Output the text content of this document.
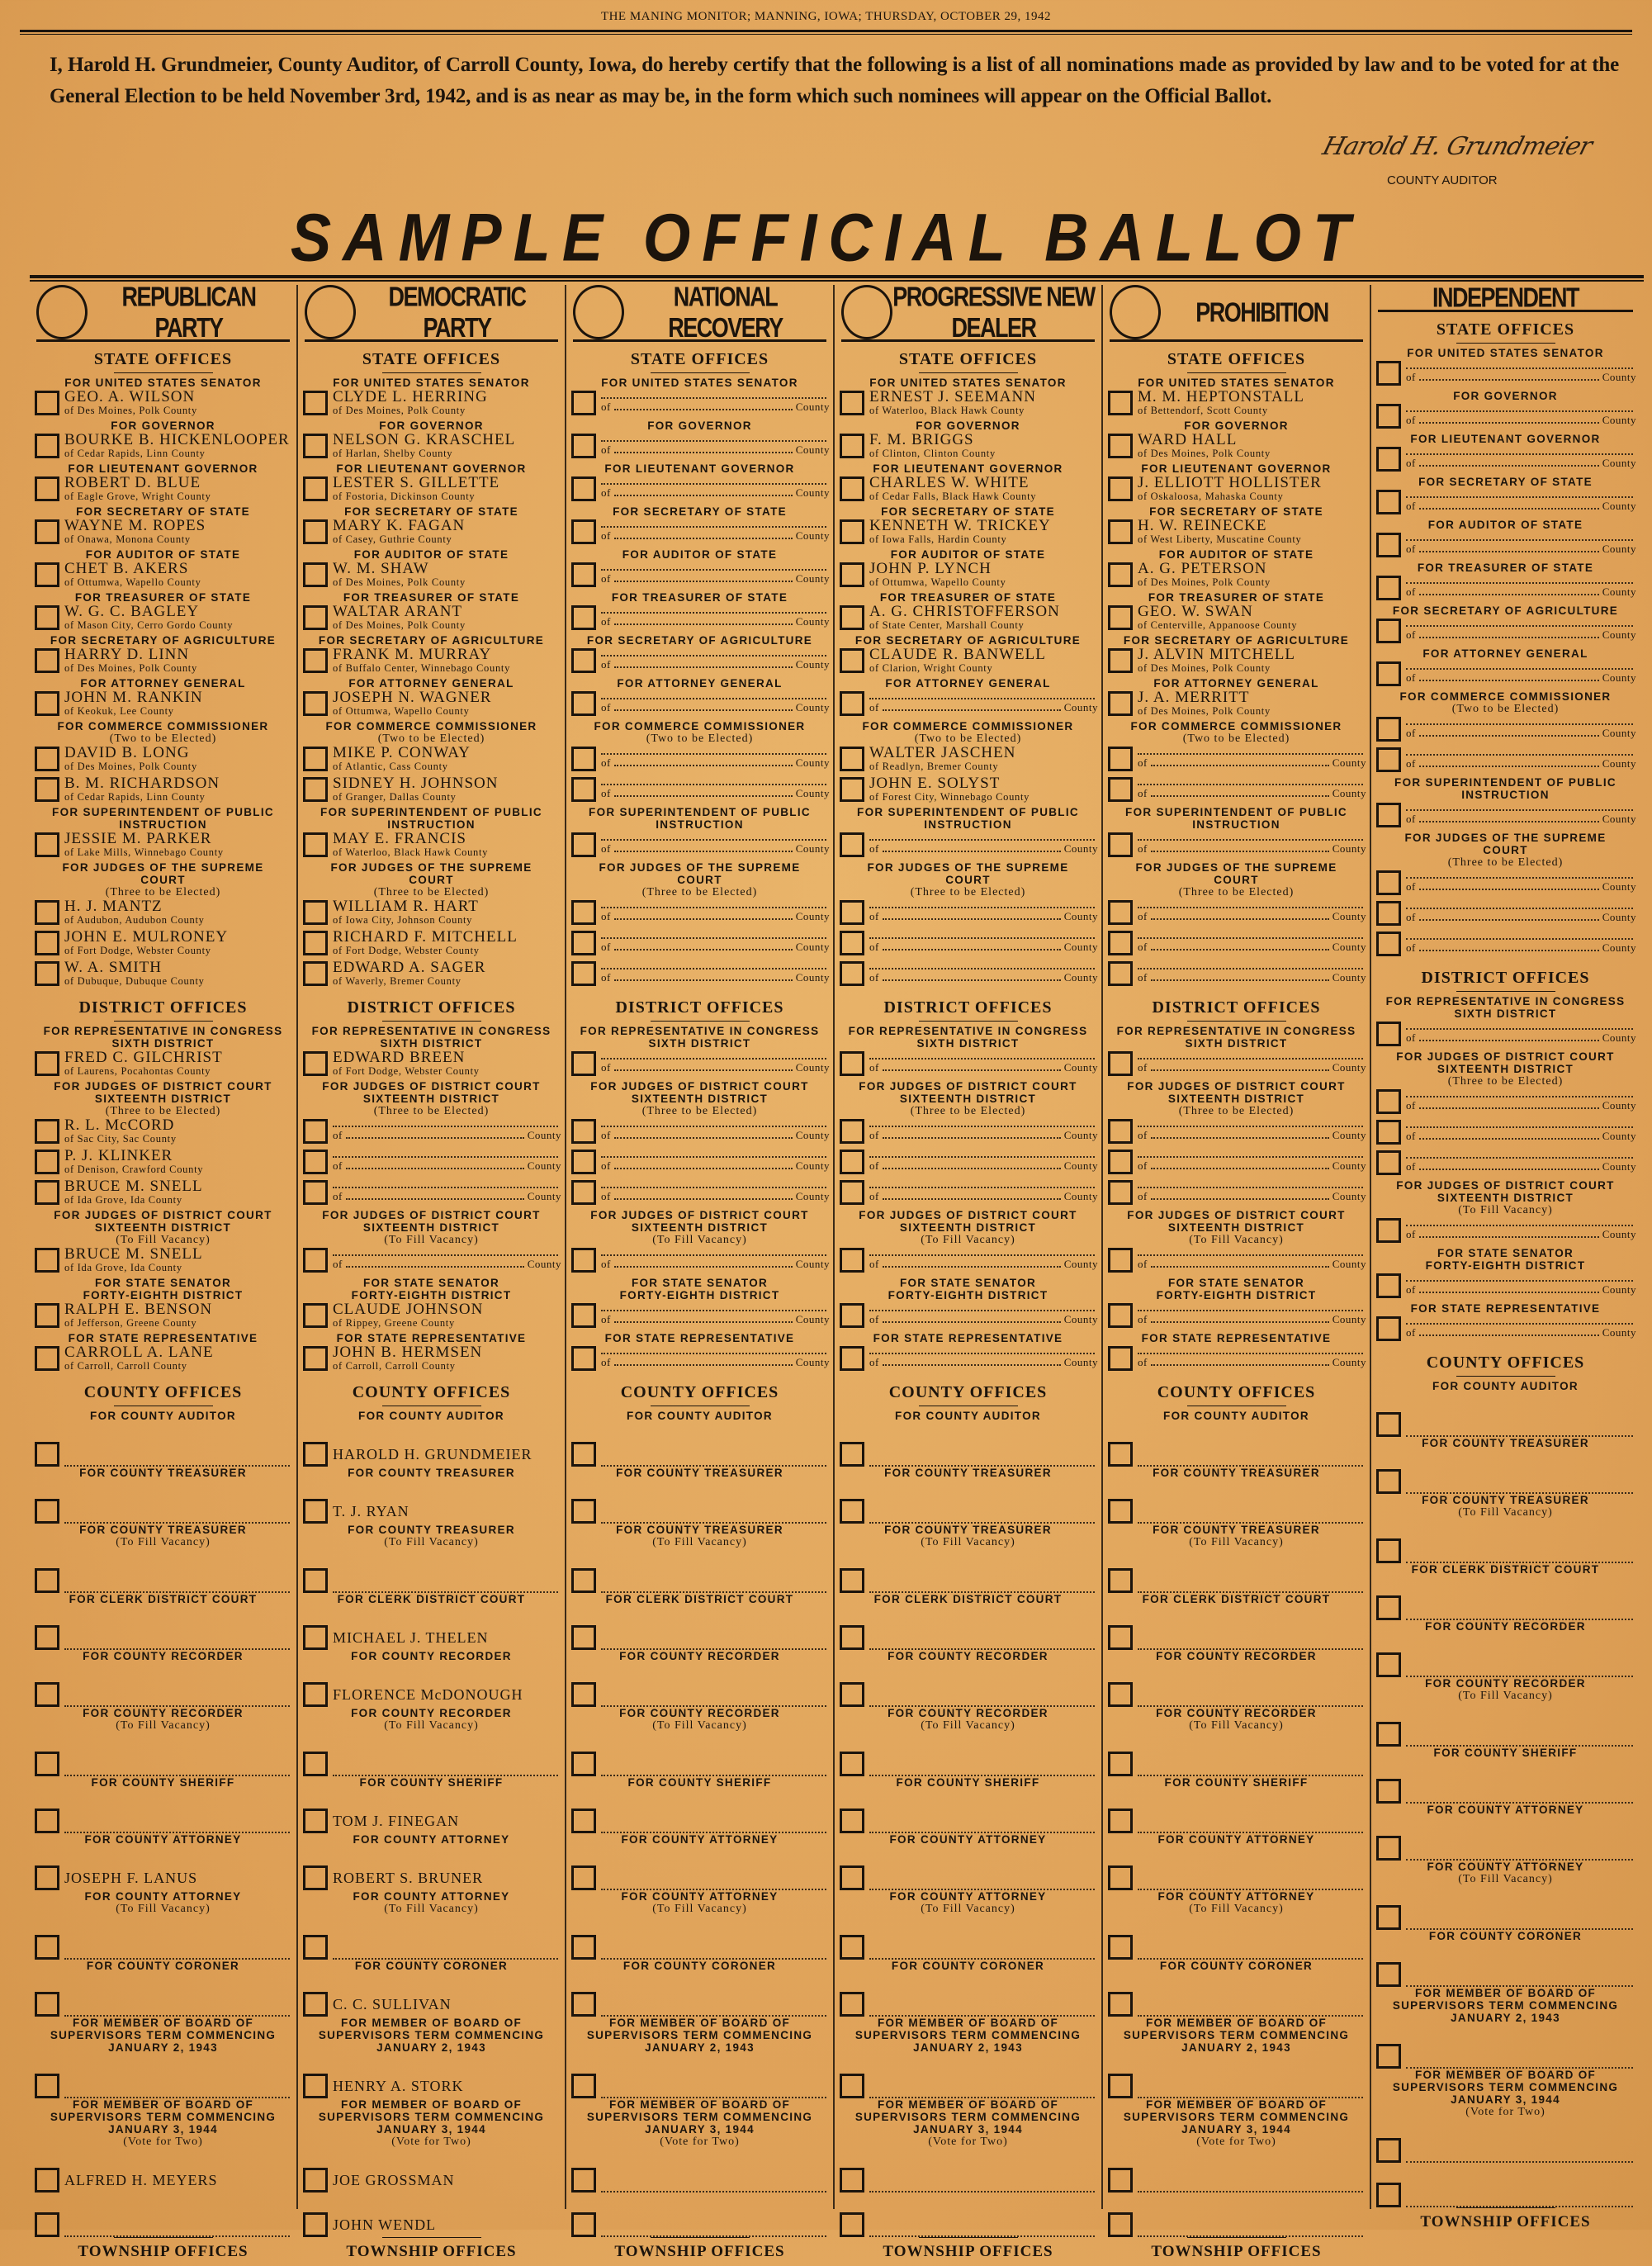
THE MANING MONITOR; MANNING, IOWA; THURSDAY, OCTOBER 29, 1942
I, Harold H. Grundmeier, County Auditor, of Carroll County, Iowa, do hereby certify that the following is a list of all nominations made as provided by law and to be voted for at the General Election to be held November 3rd, 1942, and is as near as may be, in the form which such nominees will appear on the Official Ballot.
Harold H. Grundmeier
COUNTY AUDITOR
SAMPLE OFFICIAL BALLOT
REPUBLICAN PARTY
STATE OFFICES
FOR UNITED STATES SENATOR
GEO. A. WILSON
of Des Moines, Polk County
FOR GOVERNOR
BOURKE B. HICKENLOOPER
of Cedar Rapids, Linn County
FOR LIEUTENANT GOVERNOR
ROBERT D. BLUE
of Eagle Grove, Wright County
FOR SECRETARY OF STATE
WAYNE M. ROPES
of Onawa, Monona County
FOR AUDITOR OF STATE
CHET B. AKERS
of Ottumwa, Wapello County
FOR TREASURER OF STATE
W. G. C. BAGLEY
of Mason City, Cerro Gordo County
FOR SECRETARY OF AGRICULTURE
HARRY D. LINN
of Des Moines, Polk County
FOR ATTORNEY GENERAL
JOHN M. RANKIN
of Keokuk, Lee County
FOR COMMERCE COMMISSIONER
(Two to be Elected)
DAVID B. LONG
of Des Moines, Polk County
B. M. RICHARDSON
of Cedar Rapids, Linn County
FOR SUPERINTENDENT OF PUBLIC
INSTRUCTION
JESSIE M. PARKER
of Lake Mills, Winnebago County
FOR JUDGES OF THE SUPREME
COURT
(Three to be Elected)
H. J. MANTZ
of Audubon, Audubon County
JOHN E. MULRONEY
of Fort Dodge, Webster County
W. A. SMITH
of Dubuque, Dubuque County
DISTRICT OFFICES
FOR REPRESENTATIVE IN CONGRESS
SIXTH DISTRICT
FRED C. GILCHRIST
of Laurens, Pocahontas County
FOR JUDGES OF DISTRICT COURT
SIXTEENTH DISTRICT
(Three to be Elected)
R. L. McCORD
of Sac City, Sac County
P. J. KLINKER
of Denison, Crawford County
BRUCE M. SNELL
of Ida Grove, Ida County
FOR JUDGES OF DISTRICT COURT
SIXTEENTH DISTRICT
(To Fill Vacancy)
BRUCE M. SNELL
of Ida Grove, Ida County
FOR STATE SENATOR
FORTY-EIGHTH DISTRICT
RALPH E. BENSON
of Jefferson, Greene County
FOR STATE REPRESENTATIVE
CARROLL A. LANE
of Carroll, Carroll County
COUNTY OFFICES
FOR COUNTY AUDITOR
FOR COUNTY TREASURER
FOR COUNTY TREASURER
(To Fill Vacancy)
FOR CLERK DISTRICT COURT
FOR COUNTY RECORDER
FOR COUNTY RECORDER
(To Fill Vacancy)
FOR COUNTY SHERIFF
FOR COUNTY ATTORNEY
JOSEPH F. LANUS
FOR COUNTY ATTORNEY
(To Fill Vacancy)
FOR COUNTY CORONER
FOR MEMBER OF BOARD OF
SUPERVISORS TERM COMMENCING
JANUARY 2, 1943
FOR MEMBER OF BOARD OF
SUPERVISORS TERM COMMENCING
JANUARY 3, 1944
(Vote for Two)
ALFRED H. MEYERS
TOWNSHIP OFFICES
DEMOCRATIC PARTY
STATE OFFICES
FOR UNITED STATES SENATOR
CLYDE L. HERRING
of Des Moines, Polk County
FOR GOVERNOR
NELSON G. KRASCHEL
of Harlan, Shelby County
FOR LIEUTENANT GOVERNOR
LESTER S. GILLETTE
of Fostoria, Dickinson County
FOR SECRETARY OF STATE
MARY K. FAGAN
of Casey, Guthrie County
FOR AUDITOR OF STATE
W. M. SHAW
of Des Moines, Polk County
FOR TREASURER OF STATE
WALTAR ARANT
of Des Moines, Polk County
FOR SECRETARY OF AGRICULTURE
FRANK M. MURRAY
of Buffalo Center, Winnebago County
FOR ATTORNEY GENERAL
JOSEPH N. WAGNER
of Ottumwa, Wapello County
FOR COMMERCE COMMISSIONER
(Two to be Elected)
MIKE P. CONWAY
of Atlantic, Cass County
SIDNEY H. JOHNSON
of Granger, Dallas County
FOR SUPERINTENDENT OF PUBLIC
INSTRUCTION
MAY E. FRANCIS
of Waterloo, Black Hawk County
FOR JUDGES OF THE SUPREME
COURT
(Three to be Elected)
WILLIAM R. HART
of Iowa City, Johnson County
RICHARD F. MITCHELL
of Fort Dodge, Webster County
EDWARD A. SAGER
of Waverly, Bremer County
DISTRICT OFFICES
FOR REPRESENTATIVE IN CONGRESS
SIXTH DISTRICT
EDWARD BREEN
of Fort Dodge, Webster County
FOR JUDGES OF DISTRICT COURT
SIXTEENTH DISTRICT
(Three to be Elected)
of	County
of	County
of	County
FOR JUDGES OF DISTRICT COURT
SIXTEENTH DISTRICT
(To Fill Vacancy)
of	County
FOR STATE SENATOR
FORTY-EIGHTH DISTRICT
CLAUDE JOHNSON
of Rippey, Greene County
FOR STATE REPRESENTATIVE
JOHN B. HERMSEN
of Carroll, Carroll County
COUNTY OFFICES
FOR COUNTY AUDITOR
HAROLD H. GRUNDMEIER
FOR COUNTY TREASURER
T. J. RYAN
FOR COUNTY TREASURER
(To Fill Vacancy)
FOR CLERK DISTRICT COURT
MICHAEL J. THELEN
FOR COUNTY RECORDER
FLORENCE McDONOUGH
FOR COUNTY RECORDER
(To Fill Vacancy)
FOR COUNTY SHERIFF
TOM J. FINEGAN
FOR COUNTY ATTORNEY
ROBERT S. BRUNER
FOR COUNTY ATTORNEY
(To Fill Vacancy)
FOR COUNTY CORONER
C. C. SULLIVAN
FOR MEMBER OF BOARD OF
SUPERVISORS TERM COMMENCING
JANUARY 2, 1943
HENRY A. STORK
FOR MEMBER OF BOARD OF
SUPERVISORS TERM COMMENCING
JANUARY 3, 1944
(Vote for Two)
JOE GROSSMAN
JOHN WENDL
TOWNSHIP OFFICES
NATIONAL RECOVERY
STATE OFFICES
FOR UNITED STATES SENATOR
of	County
FOR GOVERNOR
of	County
FOR LIEUTENANT GOVERNOR
of	County
FOR SECRETARY OF STATE
of	County
FOR AUDITOR OF STATE
of	County
FOR TREASURER OF STATE
of	County
FOR SECRETARY OF AGRICULTURE
of	County
FOR ATTORNEY GENERAL
of	County
FOR COMMERCE COMMISSIONER
(Two to be Elected)
of	County
of	County
FOR SUPERINTENDENT OF PUBLIC
INSTRUCTION
of	County
FOR JUDGES OF THE SUPREME
COURT
(Three to be Elected)
of	County
of	County
of	County
DISTRICT OFFICES
FOR REPRESENTATIVE IN CONGRESS
SIXTH DISTRICT
of	County
FOR JUDGES OF DISTRICT COURT
SIXTEENTH DISTRICT
(Three to be Elected)
of	County
of	County
of	County
FOR JUDGES OF DISTRICT COURT
SIXTEENTH DISTRICT
(To Fill Vacancy)
of	County
FOR STATE SENATOR
FORTY-EIGHTH DISTRICT
of	County
FOR STATE REPRESENTATIVE
of	County
COUNTY OFFICES
FOR COUNTY AUDITOR
FOR COUNTY TREASURER
FOR COUNTY TREASURER
(To Fill Vacancy)
FOR CLERK DISTRICT COURT
FOR COUNTY RECORDER
FOR COUNTY RECORDER
(To Fill Vacancy)
FOR COUNTY SHERIFF
FOR COUNTY ATTORNEY
FOR COUNTY ATTORNEY
(To Fill Vacancy)
FOR COUNTY CORONER
FOR MEMBER OF BOARD OF
SUPERVISORS TERM COMMENCING
JANUARY 2, 1943
FOR MEMBER OF BOARD OF
SUPERVISORS TERM COMMENCING
JANUARY 3, 1944
(Vote for Two)
TOWNSHIP OFFICES
PROGRESSIVE NEW DEALER
STATE OFFICES
FOR UNITED STATES SENATOR
ERNEST J. SEEMANN
of Waterloo, Black Hawk County
FOR GOVERNOR
F. M. BRIGGS
of Clinton, Clinton County
FOR LIEUTENANT GOVERNOR
CHARLES W. WHITE
of Cedar Falls, Black Hawk County
FOR SECRETARY OF STATE
KENNETH W. TRICKEY
of Iowa Falls, Hardin County
FOR AUDITOR OF STATE
JOHN P. LYNCH
of Ottumwa, Wapello County
FOR TREASURER OF STATE
A. G. CHRISTOFFERSON
of State Center, Marshall County
FOR SECRETARY OF AGRICULTURE
CLAUDE R. BANWELL
of Clarion, Wright County
FOR ATTORNEY GENERAL
of	County
FOR COMMERCE COMMISSIONER
(Two to be Elected)
WALTER JASCHEN
of Readlyn, Bremer County
JOHN E. SOLYST
of Forest City, Winnebago County
FOR SUPERINTENDENT OF PUBLIC
INSTRUCTION
of	County
FOR JUDGES OF THE SUPREME
COURT
(Three to be Elected)
of	County
of	County
of	County
DISTRICT OFFICES
FOR REPRESENTATIVE IN CONGRESS
SIXTH DISTRICT
of	County
FOR JUDGES OF DISTRICT COURT
SIXTEENTH DISTRICT
(Three to be Elected)
of	County
of	County
of	County
FOR JUDGES OF DISTRICT COURT
SIXTEENTH DISTRICT
(To Fill Vacancy)
of	County
FOR STATE SENATOR
FORTY-EIGHTH DISTRICT
of	County
FOR STATE REPRESENTATIVE
of	County
COUNTY OFFICES
FOR COUNTY AUDITOR
FOR COUNTY TREASURER
FOR COUNTY TREASURER
(To Fill Vacancy)
FOR CLERK DISTRICT COURT
FOR COUNTY RECORDER
FOR COUNTY RECORDER
(To Fill Vacancy)
FOR COUNTY SHERIFF
FOR COUNTY ATTORNEY
FOR COUNTY ATTORNEY
(To Fill Vacancy)
FOR COUNTY CORONER
FOR MEMBER OF BOARD OF
SUPERVISORS TERM COMMENCING
JANUARY 2, 1943
FOR MEMBER OF BOARD OF
SUPERVISORS TERM COMMENCING
JANUARY 3, 1944
(Vote for Two)
TOWNSHIP OFFICES
PROHIBITION
STATE OFFICES
FOR UNITED STATES SENATOR
M. M. HEPTONSTALL
of Bettendorf, Scott County
FOR GOVERNOR
WARD HALL
of Des Moines, Polk County
FOR LIEUTENANT GOVERNOR
J. ELLIOTT HOLLISTER
of Oskaloosa, Mahaska County
FOR SECRETARY OF STATE
H. W. REINECKE
of West Liberty, Muscatine County
FOR AUDITOR OF STATE
A. G. PETERSON
of Des Moines, Polk County
FOR TREASURER OF STATE
GEO. W. SWAN
of Centerville, Appanoose County
FOR SECRETARY OF AGRICULTURE
J. ALVIN MITCHELL
of Des Moines, Polk County
FOR ATTORNEY GENERAL
J. A. MERRITT
of Des Moines, Polk County
FOR COMMERCE COMMISSIONER
(Two to be Elected)
of	County
of	County
FOR SUPERINTENDENT OF PUBLIC
INSTRUCTION
of	County
FOR JUDGES OF THE SUPREME
COURT
(Three to be Elected)
of	County
of	County
of	County
DISTRICT OFFICES
FOR REPRESENTATIVE IN CONGRESS
SIXTH DISTRICT
of	County
FOR JUDGES OF DISTRICT COURT
SIXTEENTH DISTRICT
(Three to be Elected)
of	County
of	County
of	County
FOR JUDGES OF DISTRICT COURT
SIXTEENTH DISTRICT
(To Fill Vacancy)
of	County
FOR STATE SENATOR
FORTY-EIGHTH DISTRICT
of	County
FOR STATE REPRESENTATIVE
of	County
COUNTY OFFICES
FOR COUNTY AUDITOR
FOR COUNTY TREASURER
FOR COUNTY TREASURER
(To Fill Vacancy)
FOR CLERK DISTRICT COURT
FOR COUNTY RECORDER
FOR COUNTY RECORDER
(To Fill Vacancy)
FOR COUNTY SHERIFF
FOR COUNTY ATTORNEY
FOR COUNTY ATTORNEY
(To Fill Vacancy)
FOR COUNTY CORONER
FOR MEMBER OF BOARD OF
SUPERVISORS TERM COMMENCING
JANUARY 2, 1943
FOR MEMBER OF BOARD OF
SUPERVISORS TERM COMMENCING
JANUARY 3, 1944
(Vote for Two)
TOWNSHIP OFFICES
INDEPENDENT
STATE OFFICES
FOR UNITED STATES SENATOR
of	County
FOR GOVERNOR
of	County
FOR LIEUTENANT GOVERNOR
of	County
FOR SECRETARY OF STATE
of	County
FOR AUDITOR OF STATE
of	County
FOR TREASURER OF STATE
of	County
FOR SECRETARY OF AGRICULTURE
of	County
FOR ATTORNEY GENERAL
of	County
FOR COMMERCE COMMISSIONER
(Two to be Elected)
of	County
of	County
FOR SUPERINTENDENT OF PUBLIC
INSTRUCTION
of	County
FOR JUDGES OF THE SUPREME
COURT
(Three to be Elected)
of	County
of	County
of	County
DISTRICT OFFICES
FOR REPRESENTATIVE IN CONGRESS
SIXTH DISTRICT
of	County
FOR JUDGES OF DISTRICT COURT
SIXTEENTH DISTRICT
(Three to be Elected)
of	County
of	County
of	County
FOR JUDGES OF DISTRICT COURT
SIXTEENTH DISTRICT
(To Fill Vacancy)
of	County
FOR STATE SENATOR
FORTY-EIGHTH DISTRICT
of	County
FOR STATE REPRESENTATIVE
of	County
COUNTY OFFICES
FOR COUNTY AUDITOR
FOR COUNTY TREASURER
FOR COUNTY TREASURER
(To Fill Vacancy)
FOR CLERK DISTRICT COURT
FOR COUNTY RECORDER
FOR COUNTY RECORDER
(To Fill Vacancy)
FOR COUNTY SHERIFF
FOR COUNTY ATTORNEY
FOR COUNTY ATTORNEY
(To Fill Vacancy)
FOR COUNTY CORONER
FOR MEMBER OF BOARD OF
SUPERVISORS TERM COMMENCING
JANUARY 2, 1943
FOR MEMBER OF BOARD OF
SUPERVISORS TERM COMMENCING
JANUARY 3, 1944
(Vote for Two)
TOWNSHIP OFFICES
